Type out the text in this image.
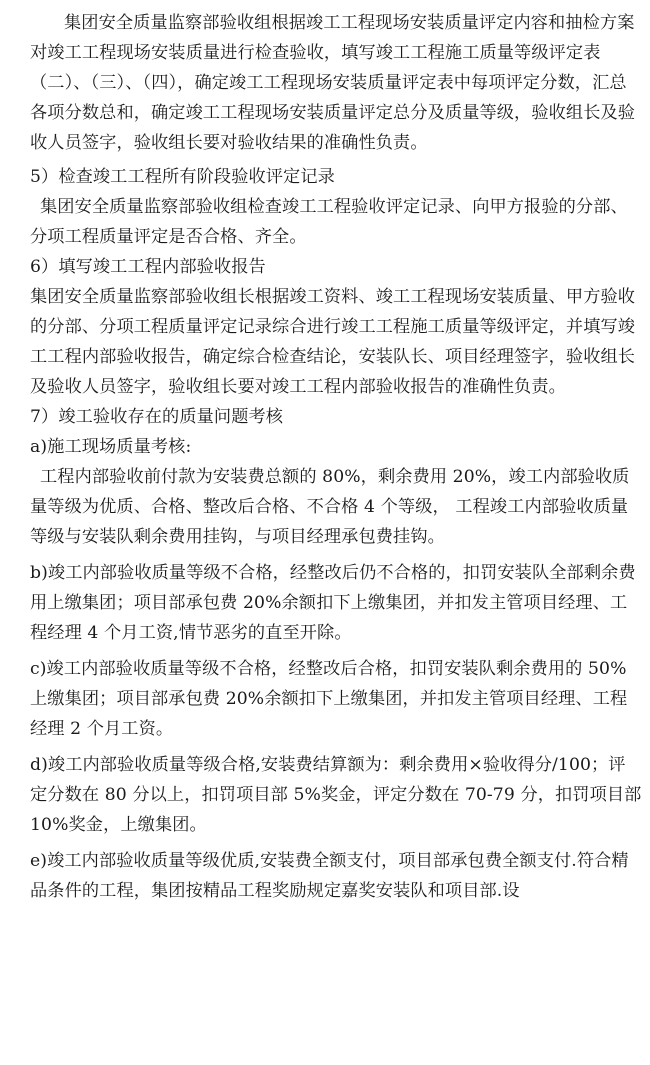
集团安全质量监察部验收组根据竣工工程现场安装质量评定内容和抽检方案对竣工工程现场安装质量进行检查验收，填写竣工工程施工质量等级评定表（二）、（三）、（四），确定竣工工程现场安装质量评定表中每项评定分数，汇总各项分数总和，确定竣工工程现场安装质量评定总分及质量等级，验收组长及验收人员签字，验收组长要对验收结果的准确性负责。

5）检查竣工工程所有阶段验收评定记录

集团安全质量监察部验收组检查竣工工程验收评定记录、向甲方报验的分部、分项工程质量评定是否合格、齐全。

6）填写竣工工程内部验收报告

集团安全质量监察部验收组长根据竣工资料、竣工工程现场安装质量、甲方验收的分部、分项工程质量评定记录综合进行竣工工程施工质量等级评定，并填写竣工工程内部验收报告，确定综合检查结论，安装队长、项目经理签字，验收组长及验收人员签字，验收组长要对竣工工程内部验收报告的准确性负责。

7）竣工验收存在的质量问题考核

a)施工现场质量考核:

工程内部验收前付款为安装费总额的 80%，剩余费用 20%，竣工内部验收质量等级为优质、合格、整改后合格、不合格 4 个等级， 工程竣工内部验收质量等级与安装队剩余费用挂钩，与项目经理承包费挂钩。

b)竣工内部验收质量等级不合格，经整改后仍不合格的，扣罚安装队全部剩余费用上缴集团；项目部承包费 20%余额扣下上缴集团，并扣发主管项目经理、工程经理 4 个月工资,情节恶劣的直至开除。

c)竣工内部验收质量等级不合格，经整改后合格，扣罚安装队剩余费用的 50%上缴集团；项目部承包费 20%余额扣下上缴集团，并扣发主管项目经理、工程经理 2 个月工资。

d)竣工内部验收质量等级合格,安装费结算额为：剩余费用×验收得分/100；评定分数在 80 分以上，扣罚项目部 5%奖金，评定分数在 70-79 分，扣罚项目部 10%奖金，上缴集团。

e)竣工内部验收质量等级优质,安装费全额支付，项目部承包费全额支付.符合精品条件的工程，集团按精品工程奖励规定嘉奖安装队和项目部.设
